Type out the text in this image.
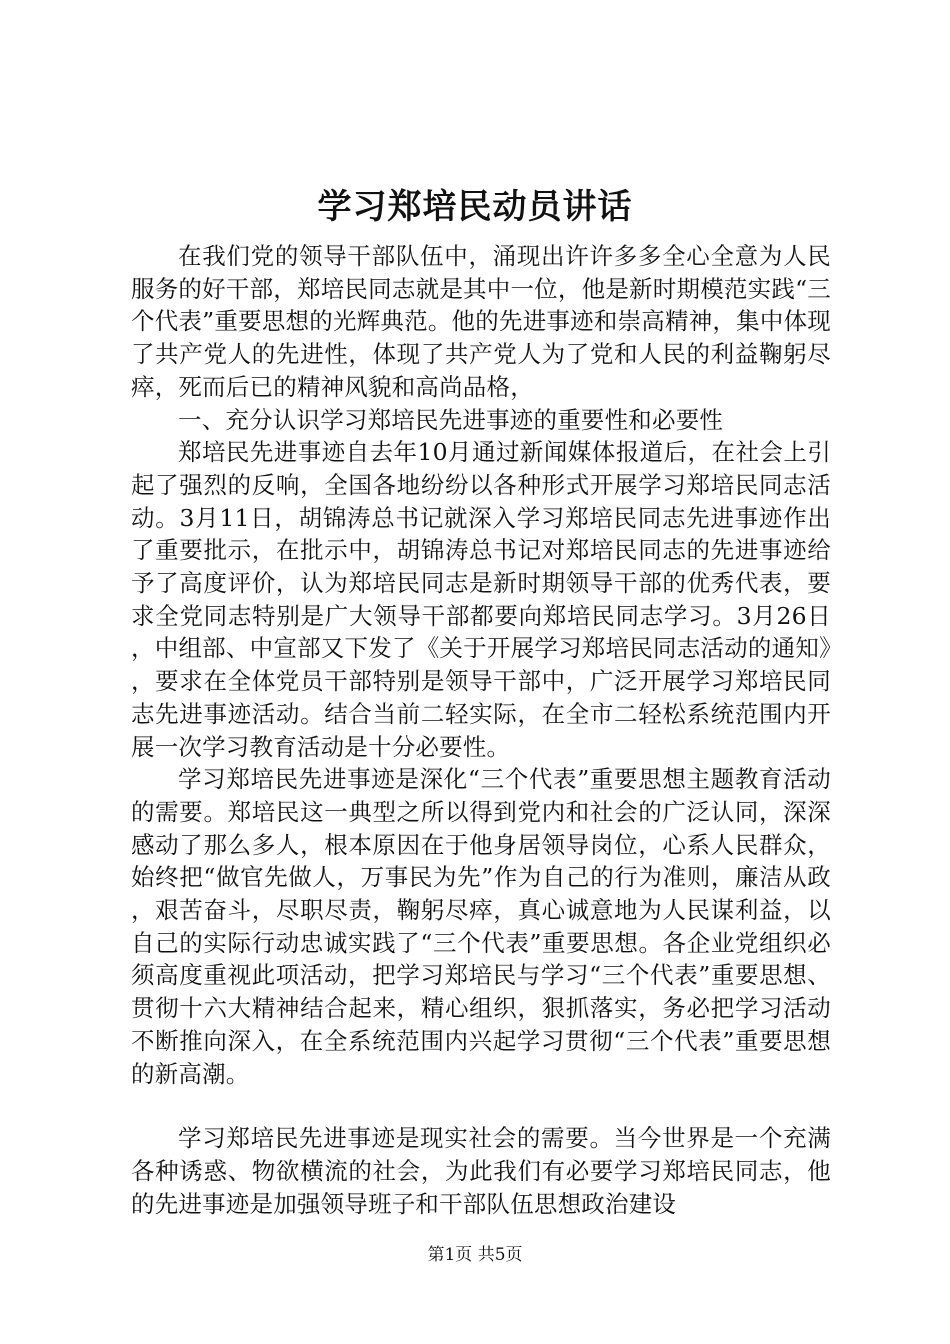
学习郑培民动员讲话

在我们党的领导干部队伍中，涌现出许许多多全心全意为人民服务的好干部，郑培民同志就是其中一位，他是新时期模范实践“三个代表”重要思想的光辉典范。他的先进事迹和崇高精神，集中体现了共产党人的先进性，体现了共产党人为了党和人民的利益鞠躬尽瘁，死而后已的精神风貌和高尚品格，

一、充分认识学习郑培民先进事迹的重要性和必要性

郑培民先进事迹自去年10月通过新闻媒体报道后，在社会上引起了强烈的反响，全国各地纷纷以各种形式开展学习郑培民同志活动。3月11日，胡锦涛总书记就深入学习郑培民同志先进事迹作出了重要批示，在批示中，胡锦涛总书记对郑培民同志的先进事迹给予了高度评价，认为郑培民同志是新时期领导干部的优秀代表，要求全党同志特别是广大领导干部都要向郑培民同志学习。3月26日，中组部、中宣部又下发了《关于开展学习郑培民同志活动的通知》，要求在全体党员干部特别是领导干部中，广泛开展学习郑培民同志先进事迹活动。结合当前二轻实际，在全市二轻松系统范围内开展一次学习教育活动是十分必要性。

学习郑培民先进事迹是深化“三个代表”重要思想主题教育活动的需要。郑培民这一典型之所以得到党内和社会的广泛认同，深深感动了那么多人，根本原因在于他身居领导岗位，心系人民群众，始终把“做官先做人，万事民为先”作为自己的行为准则，廉洁从政，艰苦奋斗，尽职尽责，鞠躬尽瘁，真心诚意地为人民谋利益，以自己的实际行动忠诚实践了“三个代表”重要思想。各企业党组织必须高度重视此项活动，把学习郑培民与学习“三个代表”重要思想、贯彻十六大精神结合起来，精心组织，狠抓落实，务必把学习活动不断推向深入，在全系统范围内兴起学习贯彻“三个代表”重要思想的新高潮。

学习郑培民先进事迹是现实社会的需要。当今世界是一个充满各种诱惑、物欲横流的社会，为此我们有必要学习郑培民同志，他的先进事迹是加强领导班子和干部队伍思想政治建设

第1页 共5页
